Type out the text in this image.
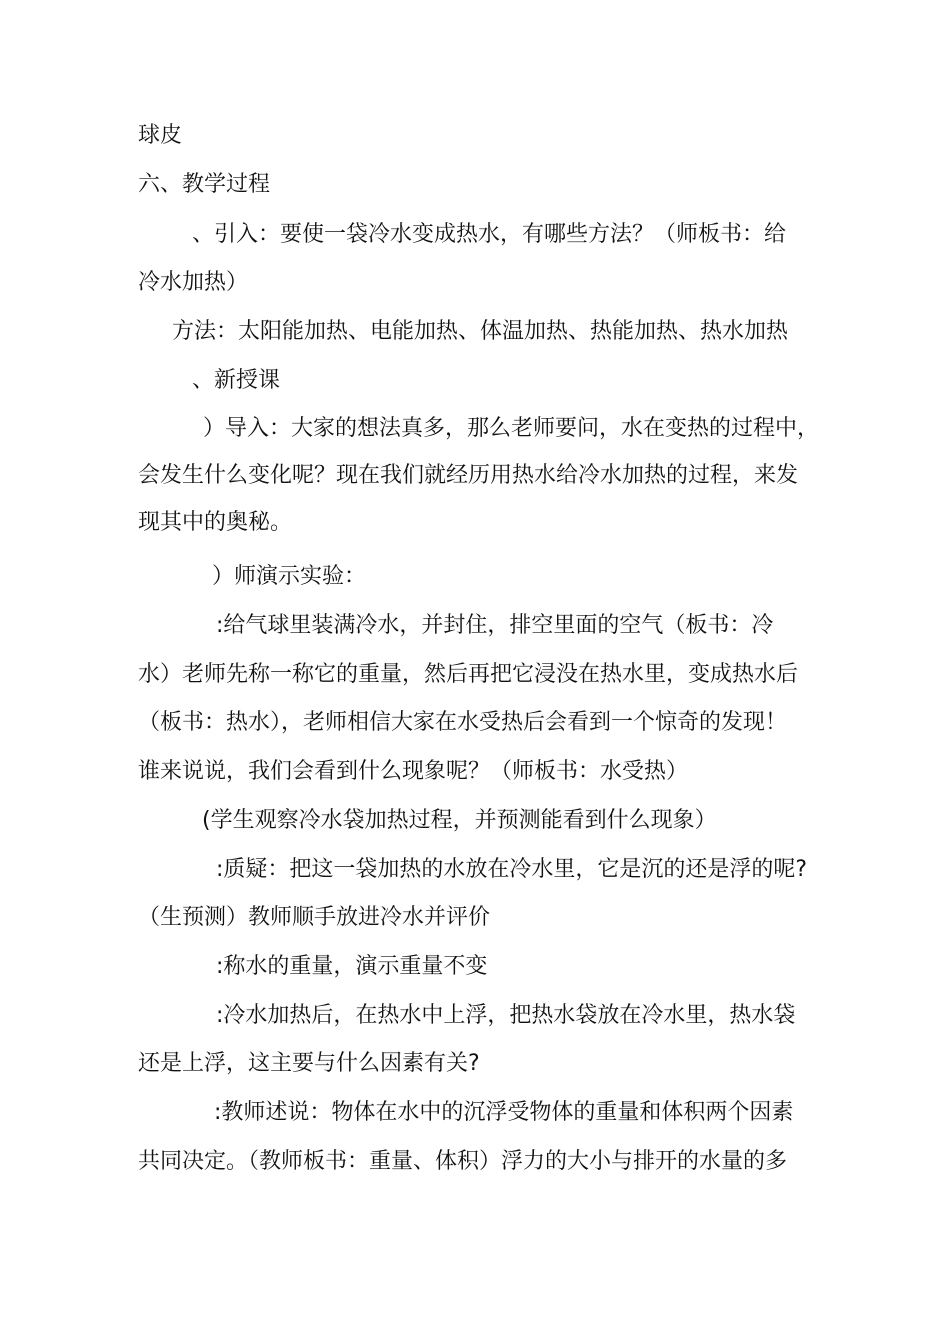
球皮
六、教学过程
、引入：要使一袋冷水变成热水，有哪些方法？（师板书：给
冷水加热）
方法：太阳能加热、电能加热、体温加热、热能加热、热水加热
、新授课
）导入：大家的想法真多，那么老师要问，水在变热的过程中，
会发生什么变化呢？现在我们就经历用热水给冷水加热的过程，来发
现其中的奥秘。
）师演示实验：
:给气球里装满冷水，并封住，排空里面的空气（板书：冷
水）老师先称一称它的重量，然后再把它浸没在热水里，变成热水后
（板书：热水），老师相信大家在水受热后会看到一个惊奇的发现！
谁来说说，我们会看到什么现象呢？（师板书：水受热）
(学生观察冷水袋加热过程，并预测能看到什么现象）
:质疑：把这一袋加热的水放在冷水里，它是沉的还是浮的呢?
（生预测）教师顺手放进冷水并评价
:称水的重量，演示重量不变
:冷水加热后，在热水中上浮，把热水袋放在冷水里，热水袋
还是上浮，这主要与什么因素有关?
:教师述说：物体在水中的沉浮受物体的重量和体积两个因素
共同决定。（教师板书：重量、体积）浮力的大小与排开的水量的多
